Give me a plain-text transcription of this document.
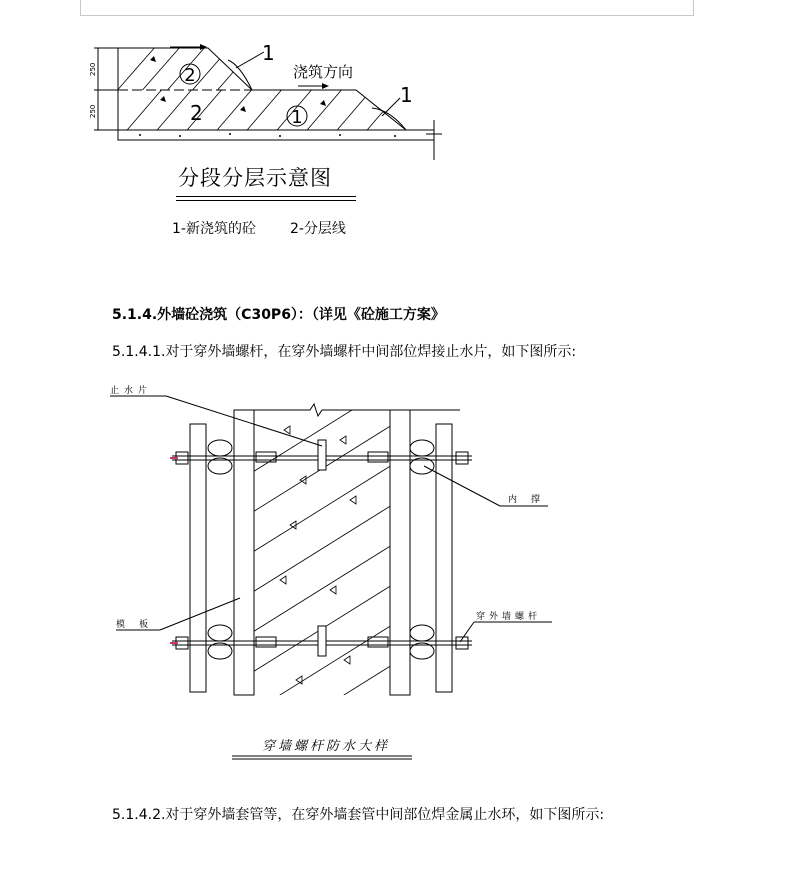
250
250
2
1
1
1
2
浇筑方向
分段分层示意图
1-新浇筑的砼 2-分层线
5.1.4.外墙砼浇筑（C30P6）：（详见《砼施工方案》
5.1.4.1.对于穿外墙螺杆，在穿外墙螺杆中间部位焊接止水片，如下图所示:
止水片
内撑
模板
穿外墙螺杆
穿墙螺杆防水大样
5.1.4.2.对于穿外墙套管等，在穿外墙套管中间部位焊金属止水环，如下图所示:
